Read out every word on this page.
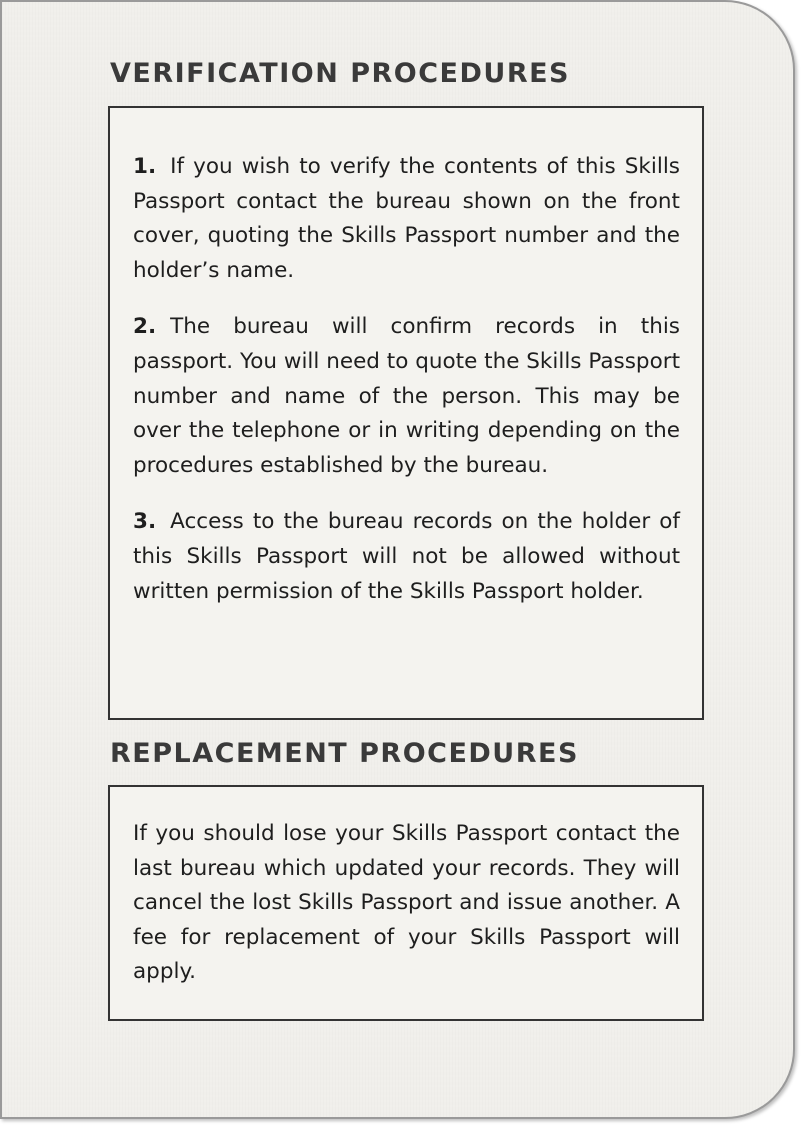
VERIFICATION PROCEDURES

1. If you wish to verify the contents of this Skills Passport contact the bureau shown on the front cover, quoting the Skills Passport number and the holder’s name.

2. The bureau will confirm records in this passport. You will need to quote the Skills Passport number and name of the person. This may be over the telephone or in writing depending on the procedures established by the bureau.

3. Access to the bureau records on the holder of this Skills Passport will not be allowed without written permission of the Skills Passport holder.

REPLACEMENT PROCEDURES

If you should lose your Skills Passport contact the last bureau which updated your records. They will cancel the lost Skills Passport and issue another. A fee for replacement of your Skills Passport will apply.
